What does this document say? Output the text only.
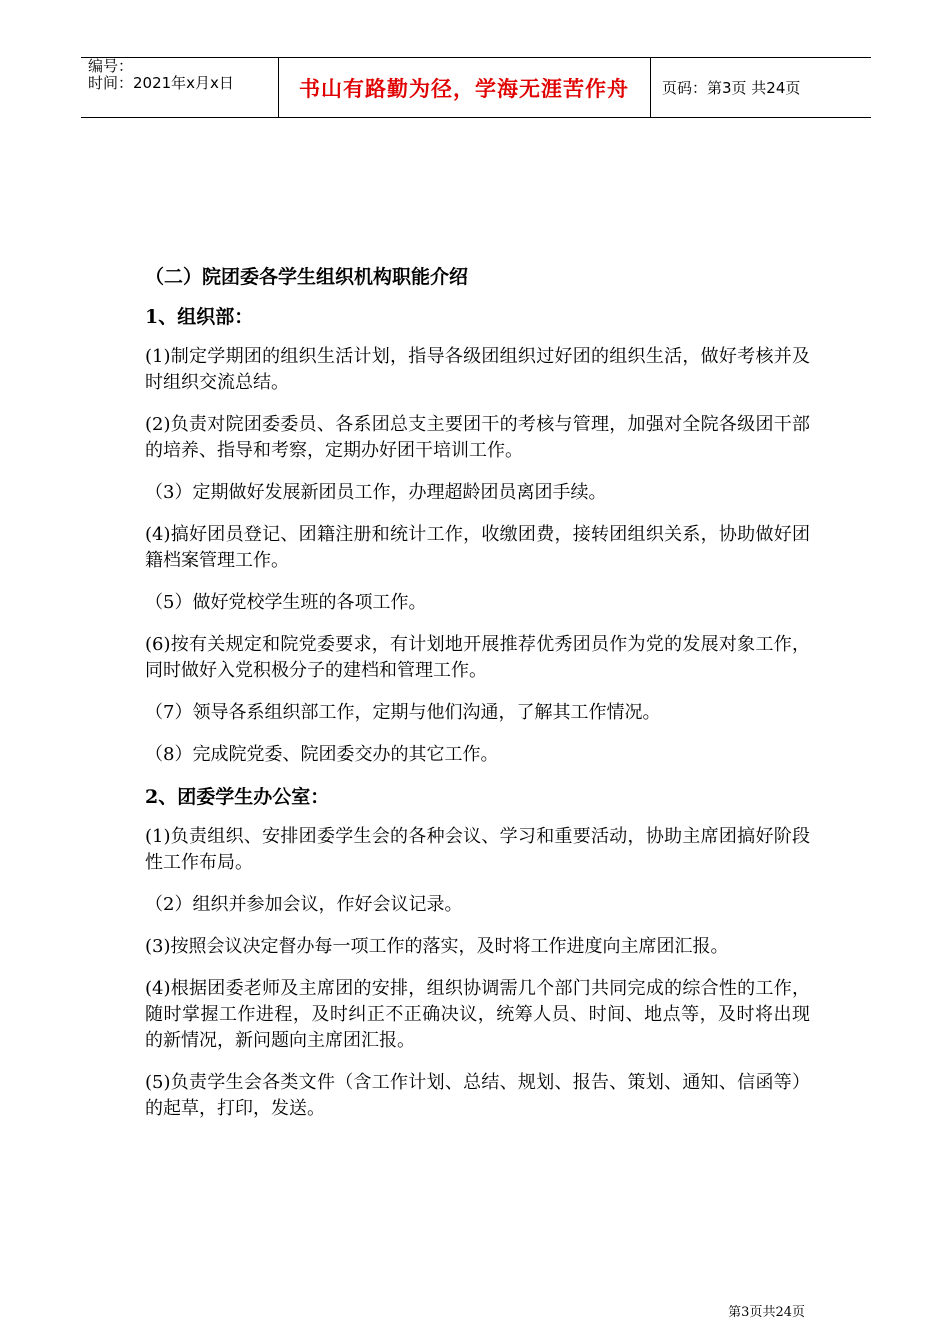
编号：
时间：2021年x月x日	书山有路勤为径，学海无涯苦作舟	页码：第3页 共24页
（二）院团委各学生组织机构职能介绍
1、组织部：
(1)制定学期团的组织生活计划，指导各级团组织过好团的组织生活，做好考核并及时组织交流总结。
(2)负责对院团委委员、各系团总支主要团干的考核与管理，加强对全院各级团干部的培养、指导和考察，定期办好团干培训工作。
（3）定期做好发展新团员工作，办理超龄团员离团手续。
(4)搞好团员登记、团籍注册和统计工作，收缴团费，接转团组织关系，协助做好团籍档案管理工作。
（5）做好党校学生班的各项工作。
(6)按有关规定和院党委要求，有计划地开展推荐优秀团员作为党的发展对象工作，同时做好入党积极分子的建档和管理工作。
（7）领导各系组织部工作，定期与他们沟通，了解其工作情况。
（8）完成院党委、院团委交办的其它工作。
2、团委学生办公室：
(1)负责组织、安排团委学生会的各种会议、学习和重要活动，协助主席团搞好阶段性工作布局。
（2）组织并参加会议，作好会议记录。
(3)按照会议决定督办每一项工作的落实，及时将工作进度向主席团汇报。
(4)根据团委老师及主席团的安排，组织协调需几个部门共同完成的综合性的工作，随时掌握工作进程，及时纠正不正确决议，统筹人员、时间、地点等，及时将出现的新情况，新问题向主席团汇报。
(5)负责学生会各类文件（含工作计划、总结、规划、报告、策划、通知、信函等）的起草，打印，发送。
第3页共24页
